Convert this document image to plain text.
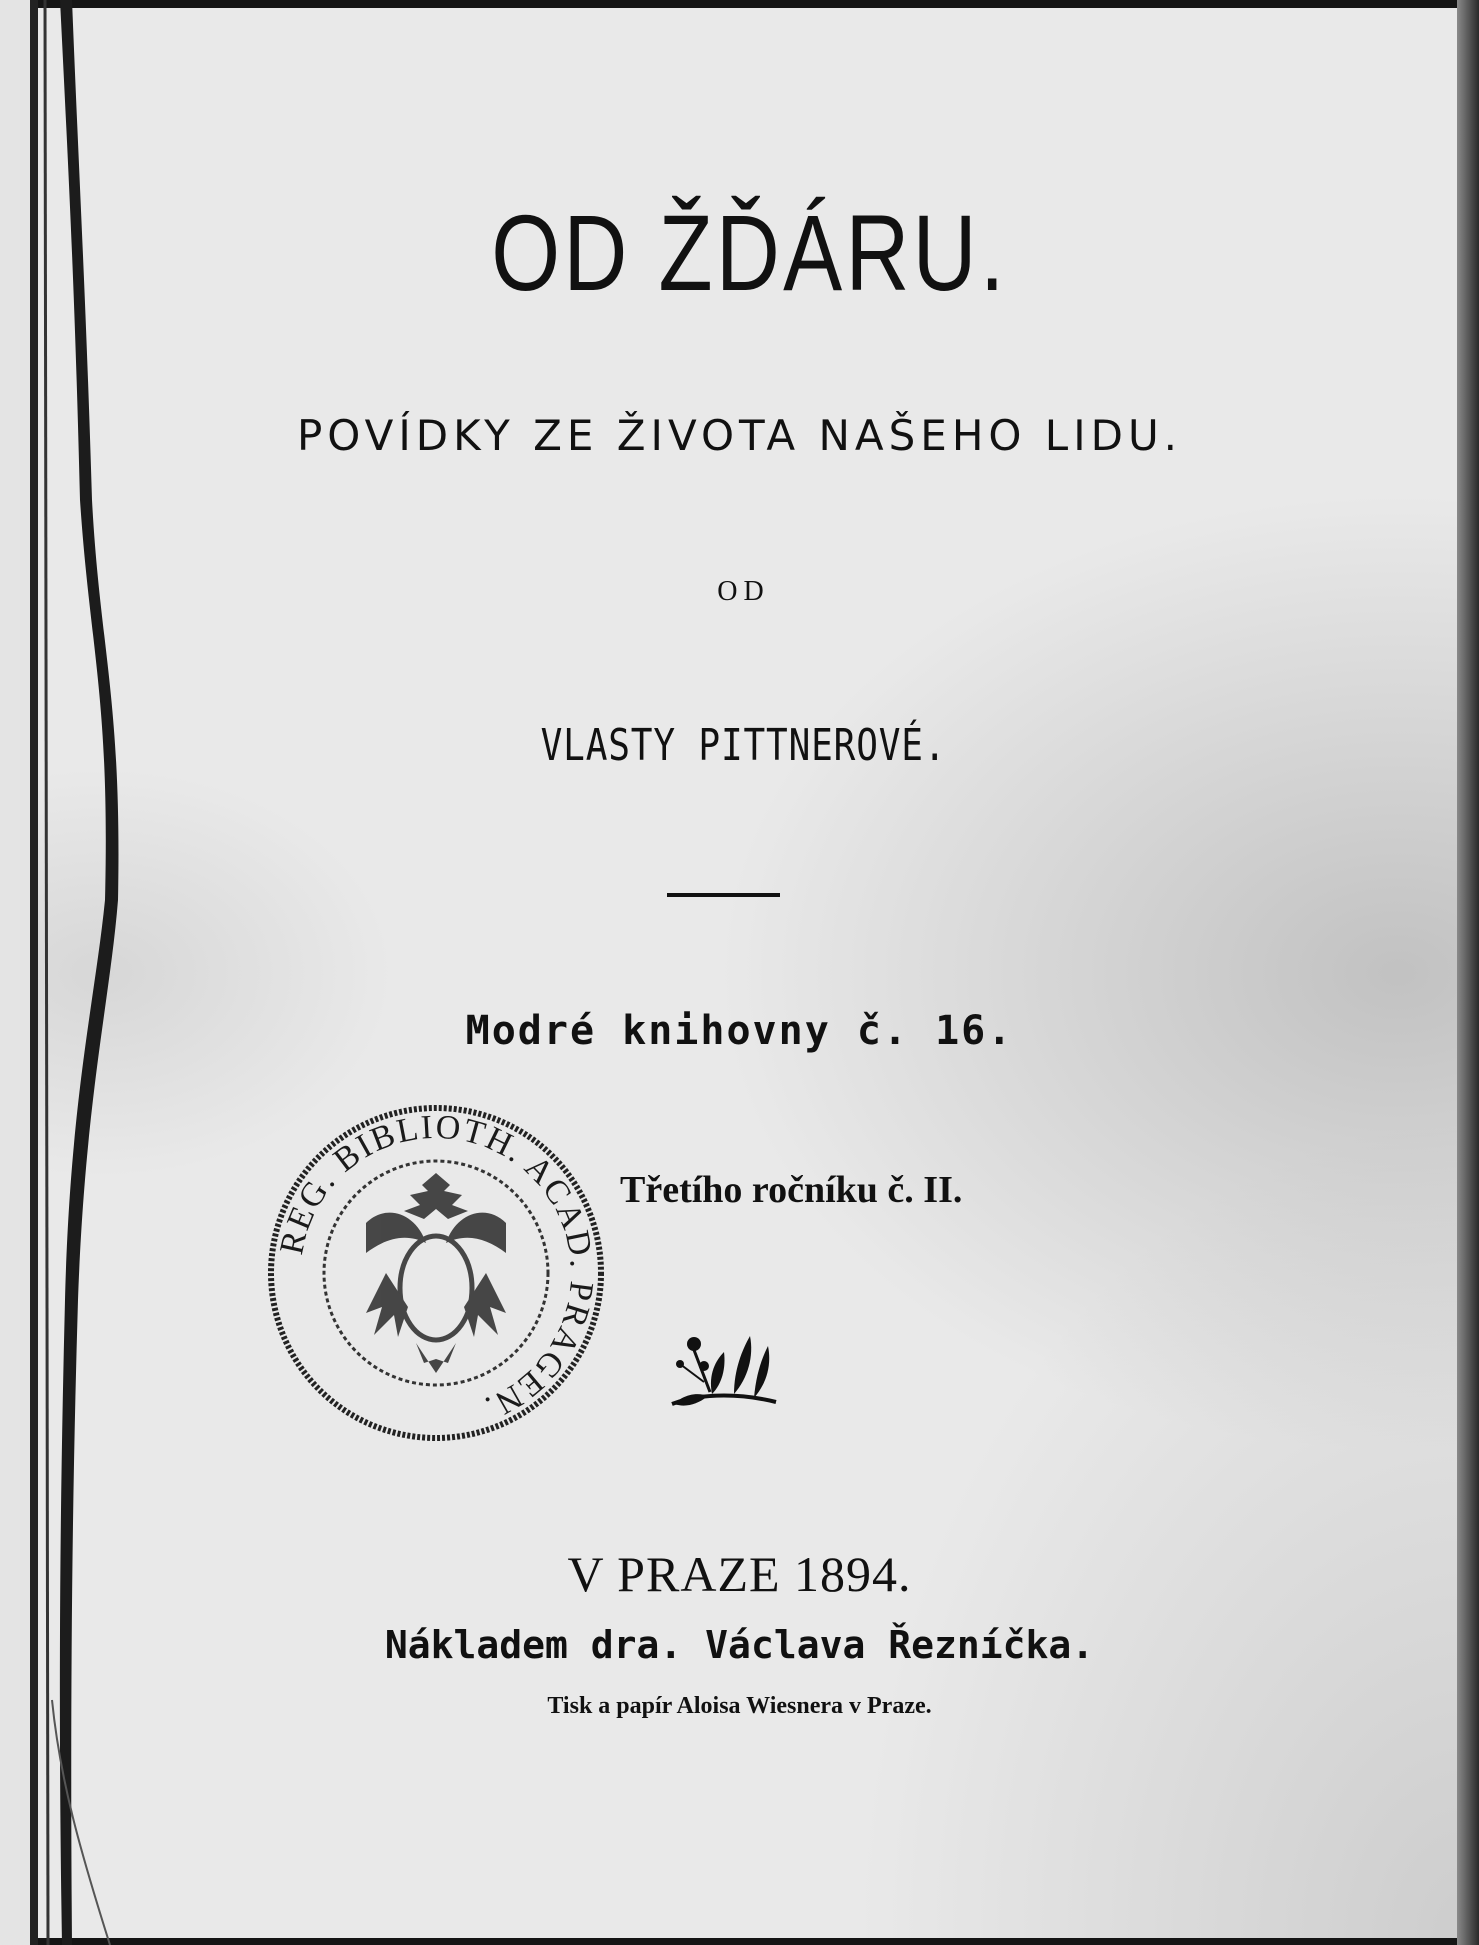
OD ŽĎÁRU.
POVÍDKY ZE ŽIVOTA NAŠEHO LIDU.
OD
VLASTY PITTNEROVÉ.
Modré knihovny č. 16.
Třetího ročníku č. II.
REG. BIBLIOTH. ACAD. PRAGEN.
V PRAZE 1894.
Nákladem dra. Václava Řezníčka.
Tisk a papír Aloisa Wiesnera v Praze.
